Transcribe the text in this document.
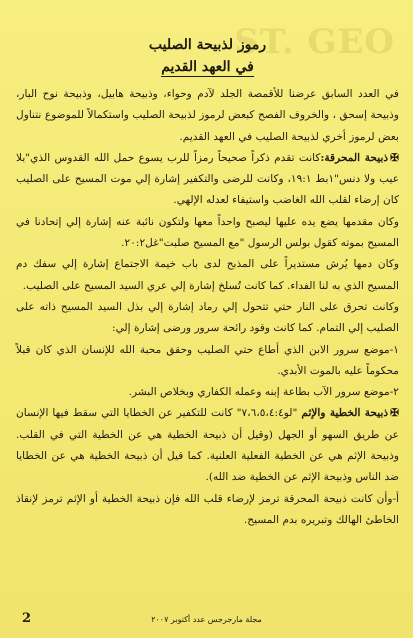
ST. GEO
رموز لذبيحة الصليب
في العهد القديم

في العدد السابق عرضنا للأقمصة الجلد لآدم وحواء، وذبيحة هابيل، وذبيحة نوح البار، وذبيحة إسحق ، والخروف الفصح كبعض لرموز لذبيحة الصليب واستكمالاً للموضوع نتناول بعض لرموز أخري لذبيحة الصليب في العهد القديم.

✠ذبيحة المحرقة:كانت تقدم ذكراً صحيحاً رمزاً للرب يسوع حمل الله القدوس الذي"بلا عيب ولا دنس"١بط ١٩:١، وكانت للرضى والتكفير إشارة إلي موت المسيح على الصليب كان إرضاء لقلب الله الغاضب واستيفاء لعدله الإلهي.

وكان مقدمها يضع يده عليها ليصبح واحداً معها ولتكون نائبة عنه إشارة إلي إتحادنا في المسيح بموته كقول بولس الرسول "مع المسيح صلبت"غل٢٠:٢.

وكان دمها يُرش مستديراً على المذبح لدى باب خيمة الاجتماع إشارة إلي سفك دم المسيح الذي به لنا الفداء. كما كانت تُسلخ إشارة إلي عري السيد المسيح على الصليب.

وكانت تحرق على النار حتي تتحول إلي رماد إشارة إلي بذل السيد المسيح ذاته على الصليب إلي التمام. كما كانت وقود رائحة سرور ورضى إشارة إلي:

١-موضع سرور الابن الذي أطاع حتي الصليب وحقق محبة الله للإنسان الذي كان قبلاً محكوماً عليه بالموت الأبدي.

٢-موضع سرور الآب بطاعة إبنه وعمله الكفاري وبخلاص البشر.

✠ذبيحة الخطية والإثم "لو٧،٦،٥،٤:٤" كانت للتكفير عن الخطايا التي سقط فيها الإنسان عن طريق السهو أو الجهل (وقيل أن ذبيحة الخطية هي عن الخطية التي في القلب. وذبيحة الإثم هي عن الخطية الفعلية العلنية. كما قيل أن ذبيحة الخطية هي عن الخطايا ضد الناس وذبيحة الإثم عن الخطية ضد الله).

أ-وأن كانت ذبيحة المحرقة ترمز لإرضاء قلب الله فإن ذبيحة الخطية أو الإثم ترمز لإنقاذ الخاطئ الهالك وتبريره بدم المسيح.

2	مجلة مارجرجس عدد أكتوبر ٢٠٠٧
